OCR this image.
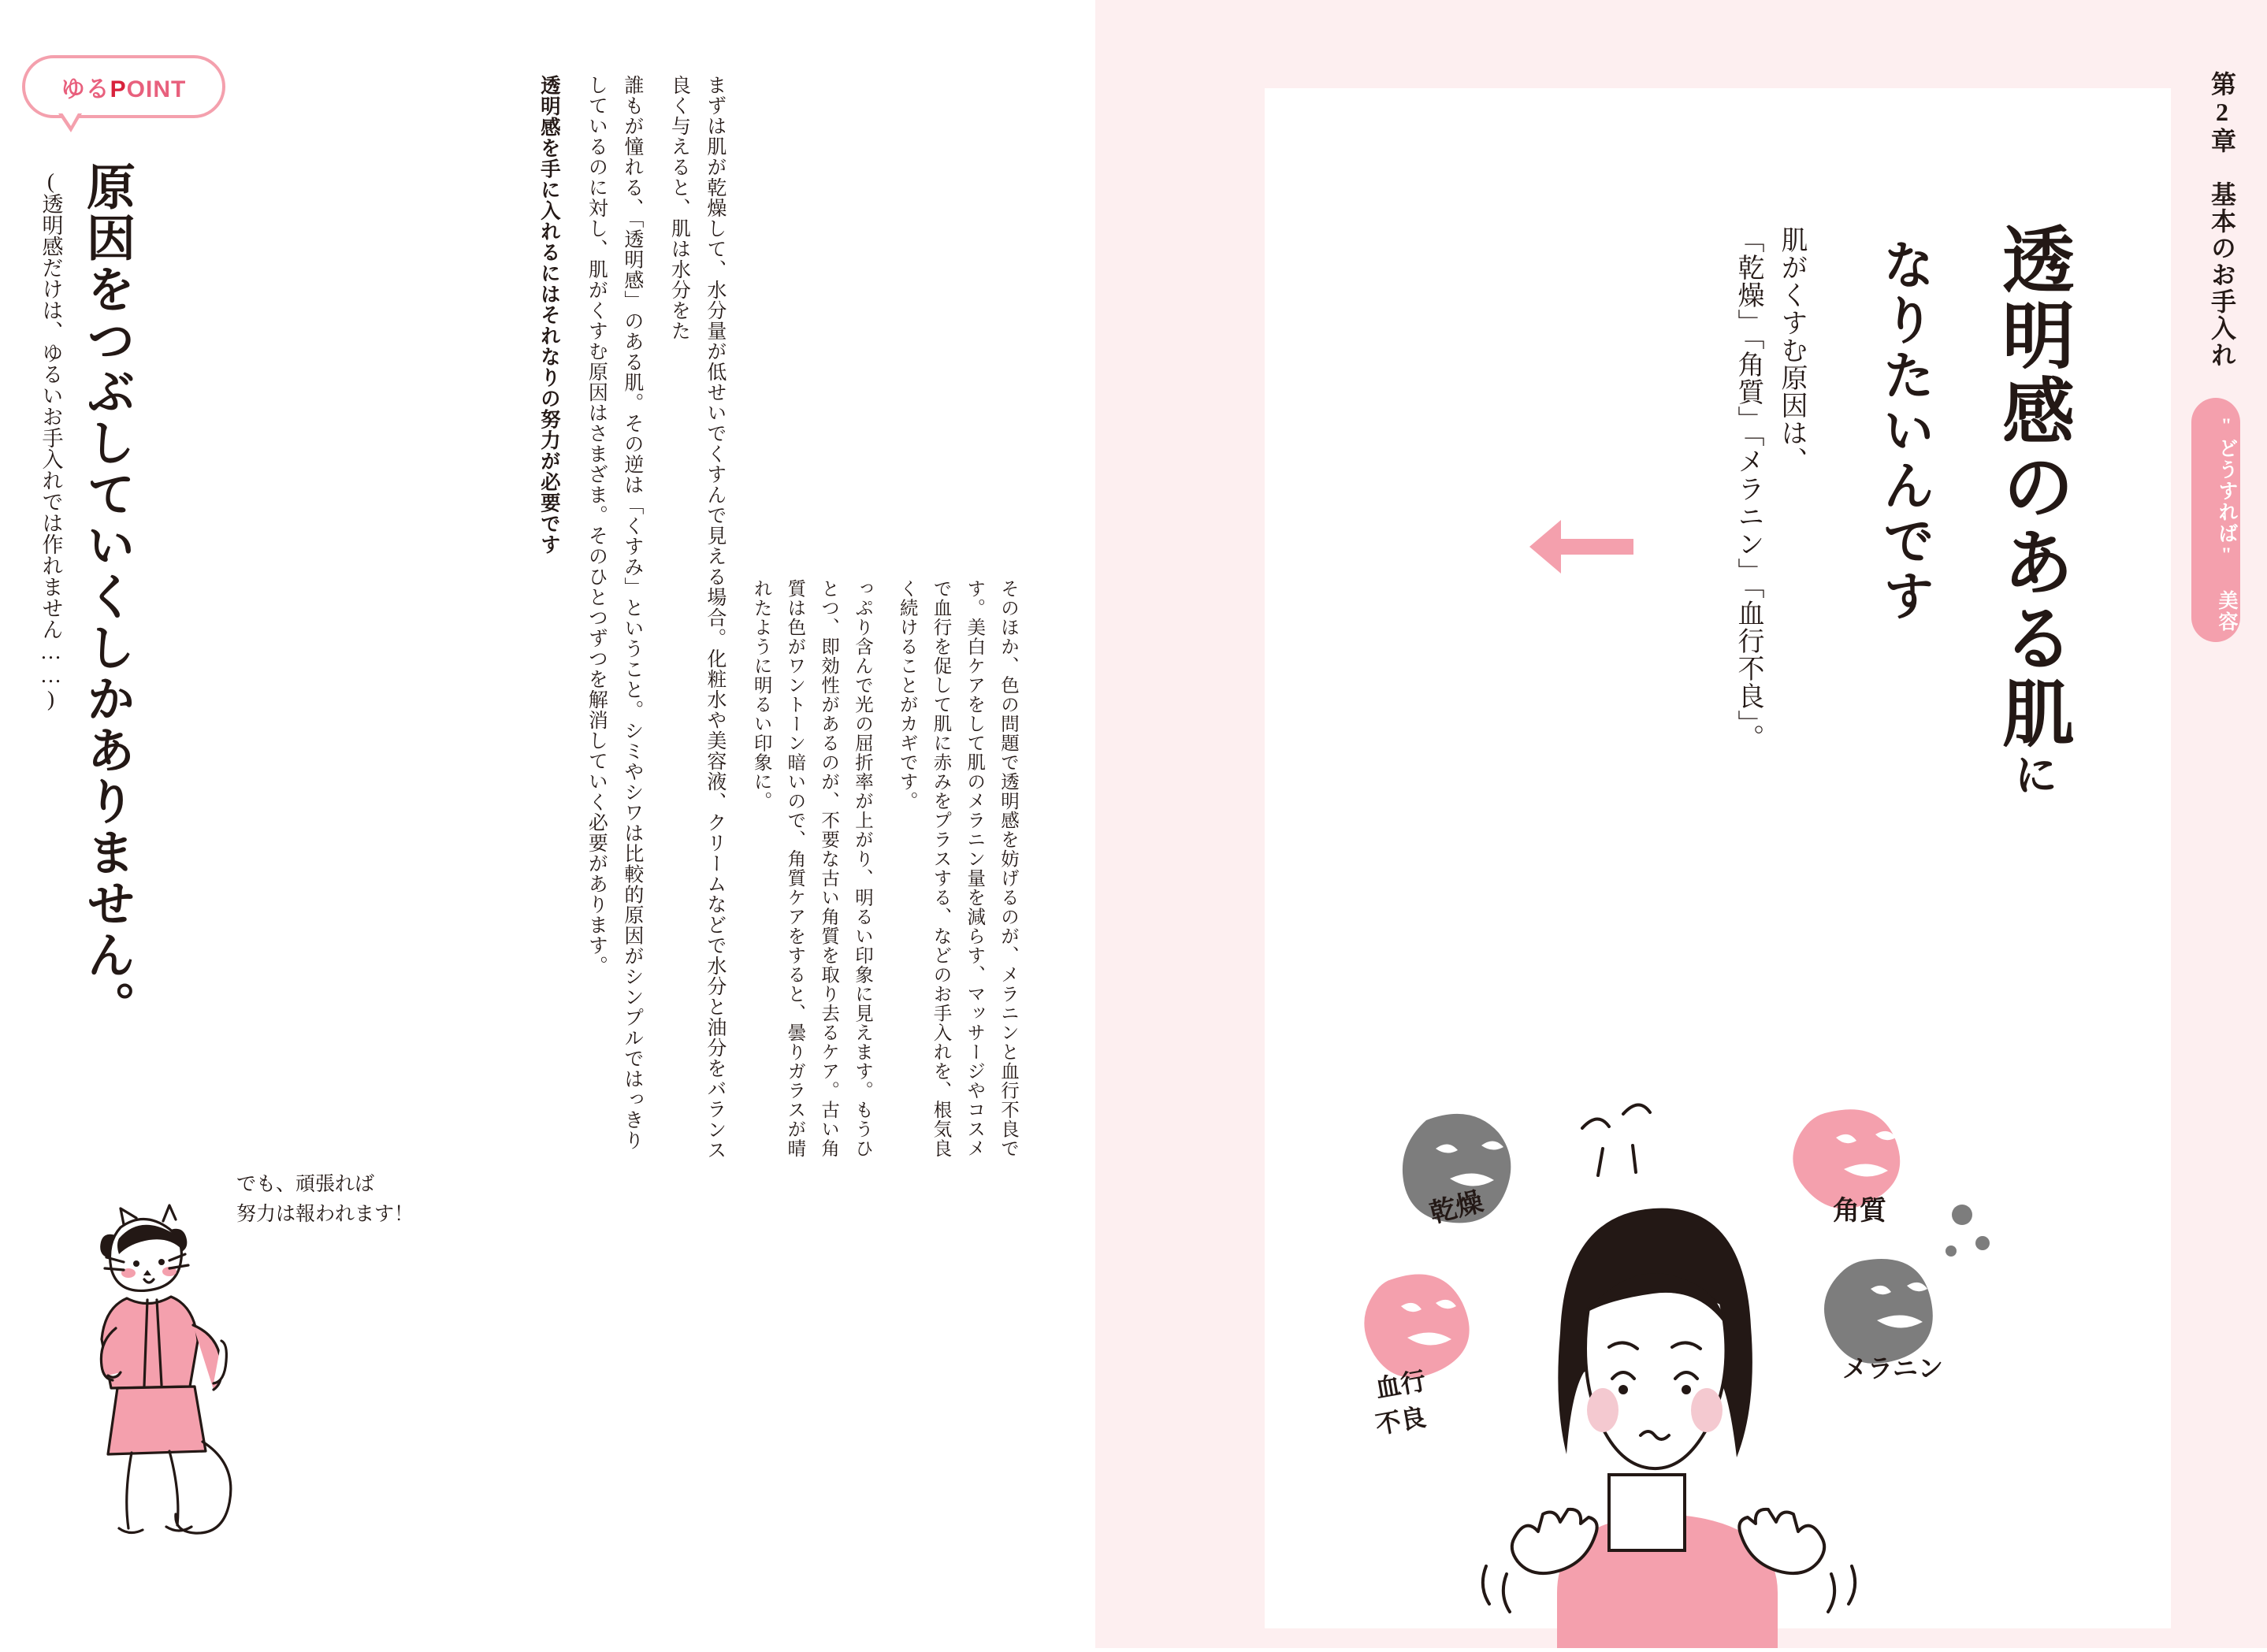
ゆるPOINT
原因をつぶしていくしかありません。
(透明感だけは、ゆるいお手入れでは作れません……)	透明感を手に入れるにはそれなりの努力が必要です	誰もが憧れる、「透明感」のある肌。その逆は「くすみ」ということ。シミやシワは比較的原因がシンプルではっきりしているのに対し、肌がくすむ原因はさまざま。そのひとつずつを解消していく必要があります。	まずは肌が乾燥して、水分量が低せいでくすんで見える場合。化粧水や美容液、クリームなどで水分と油分をバランス良く与えると、肌は水分をた
っぷり含んで光の屈折率が上がり、明るい印象に見えます。もうひとつ、即効性があるのが、不要な古い角質を取り去るケア。古い角質は色がワントーン暗いので、角質ケアをすると、曇りガラスが晴れたように明るい印象に。	そのほか、色の問題で透明感を妨げるのが、メラニンと血行不良です。美白ケアをして肌のメラニン量を減らす、マッサージやコスメで血行を促して肌に赤みをプラスする、などのお手入れを、根気良く続けることがカギです。
でも、頑張れば
努力は報われます！
透明感のある肌に
なりたいんです
肌がくすむ原因は、
「乾燥」「角質」「メラニン」「血行不良」。
乾燥	角質
メラニン
血行
不良
第2章　基本のお手入れ
"どうすれば" 美容
